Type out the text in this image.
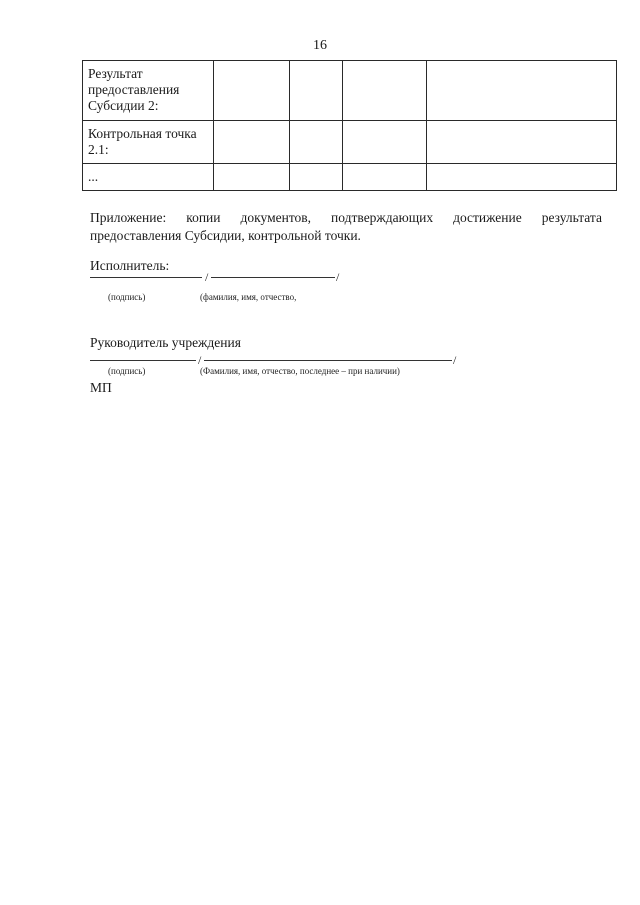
16
Результат предоставления Субсидии 2:				
Контрольная точка 2.1:				
...				
Приложение: копии документов, подтверждающих достижение результата предоставления Субсидии, контрольной точки.
Исполнитель:
/	/
(подпись)	(фамилия, имя, отчество,
Руководитель учреждения
/	/
(подпись)	(Фамилия, имя, отчество, последнее – при наличии)
МП
